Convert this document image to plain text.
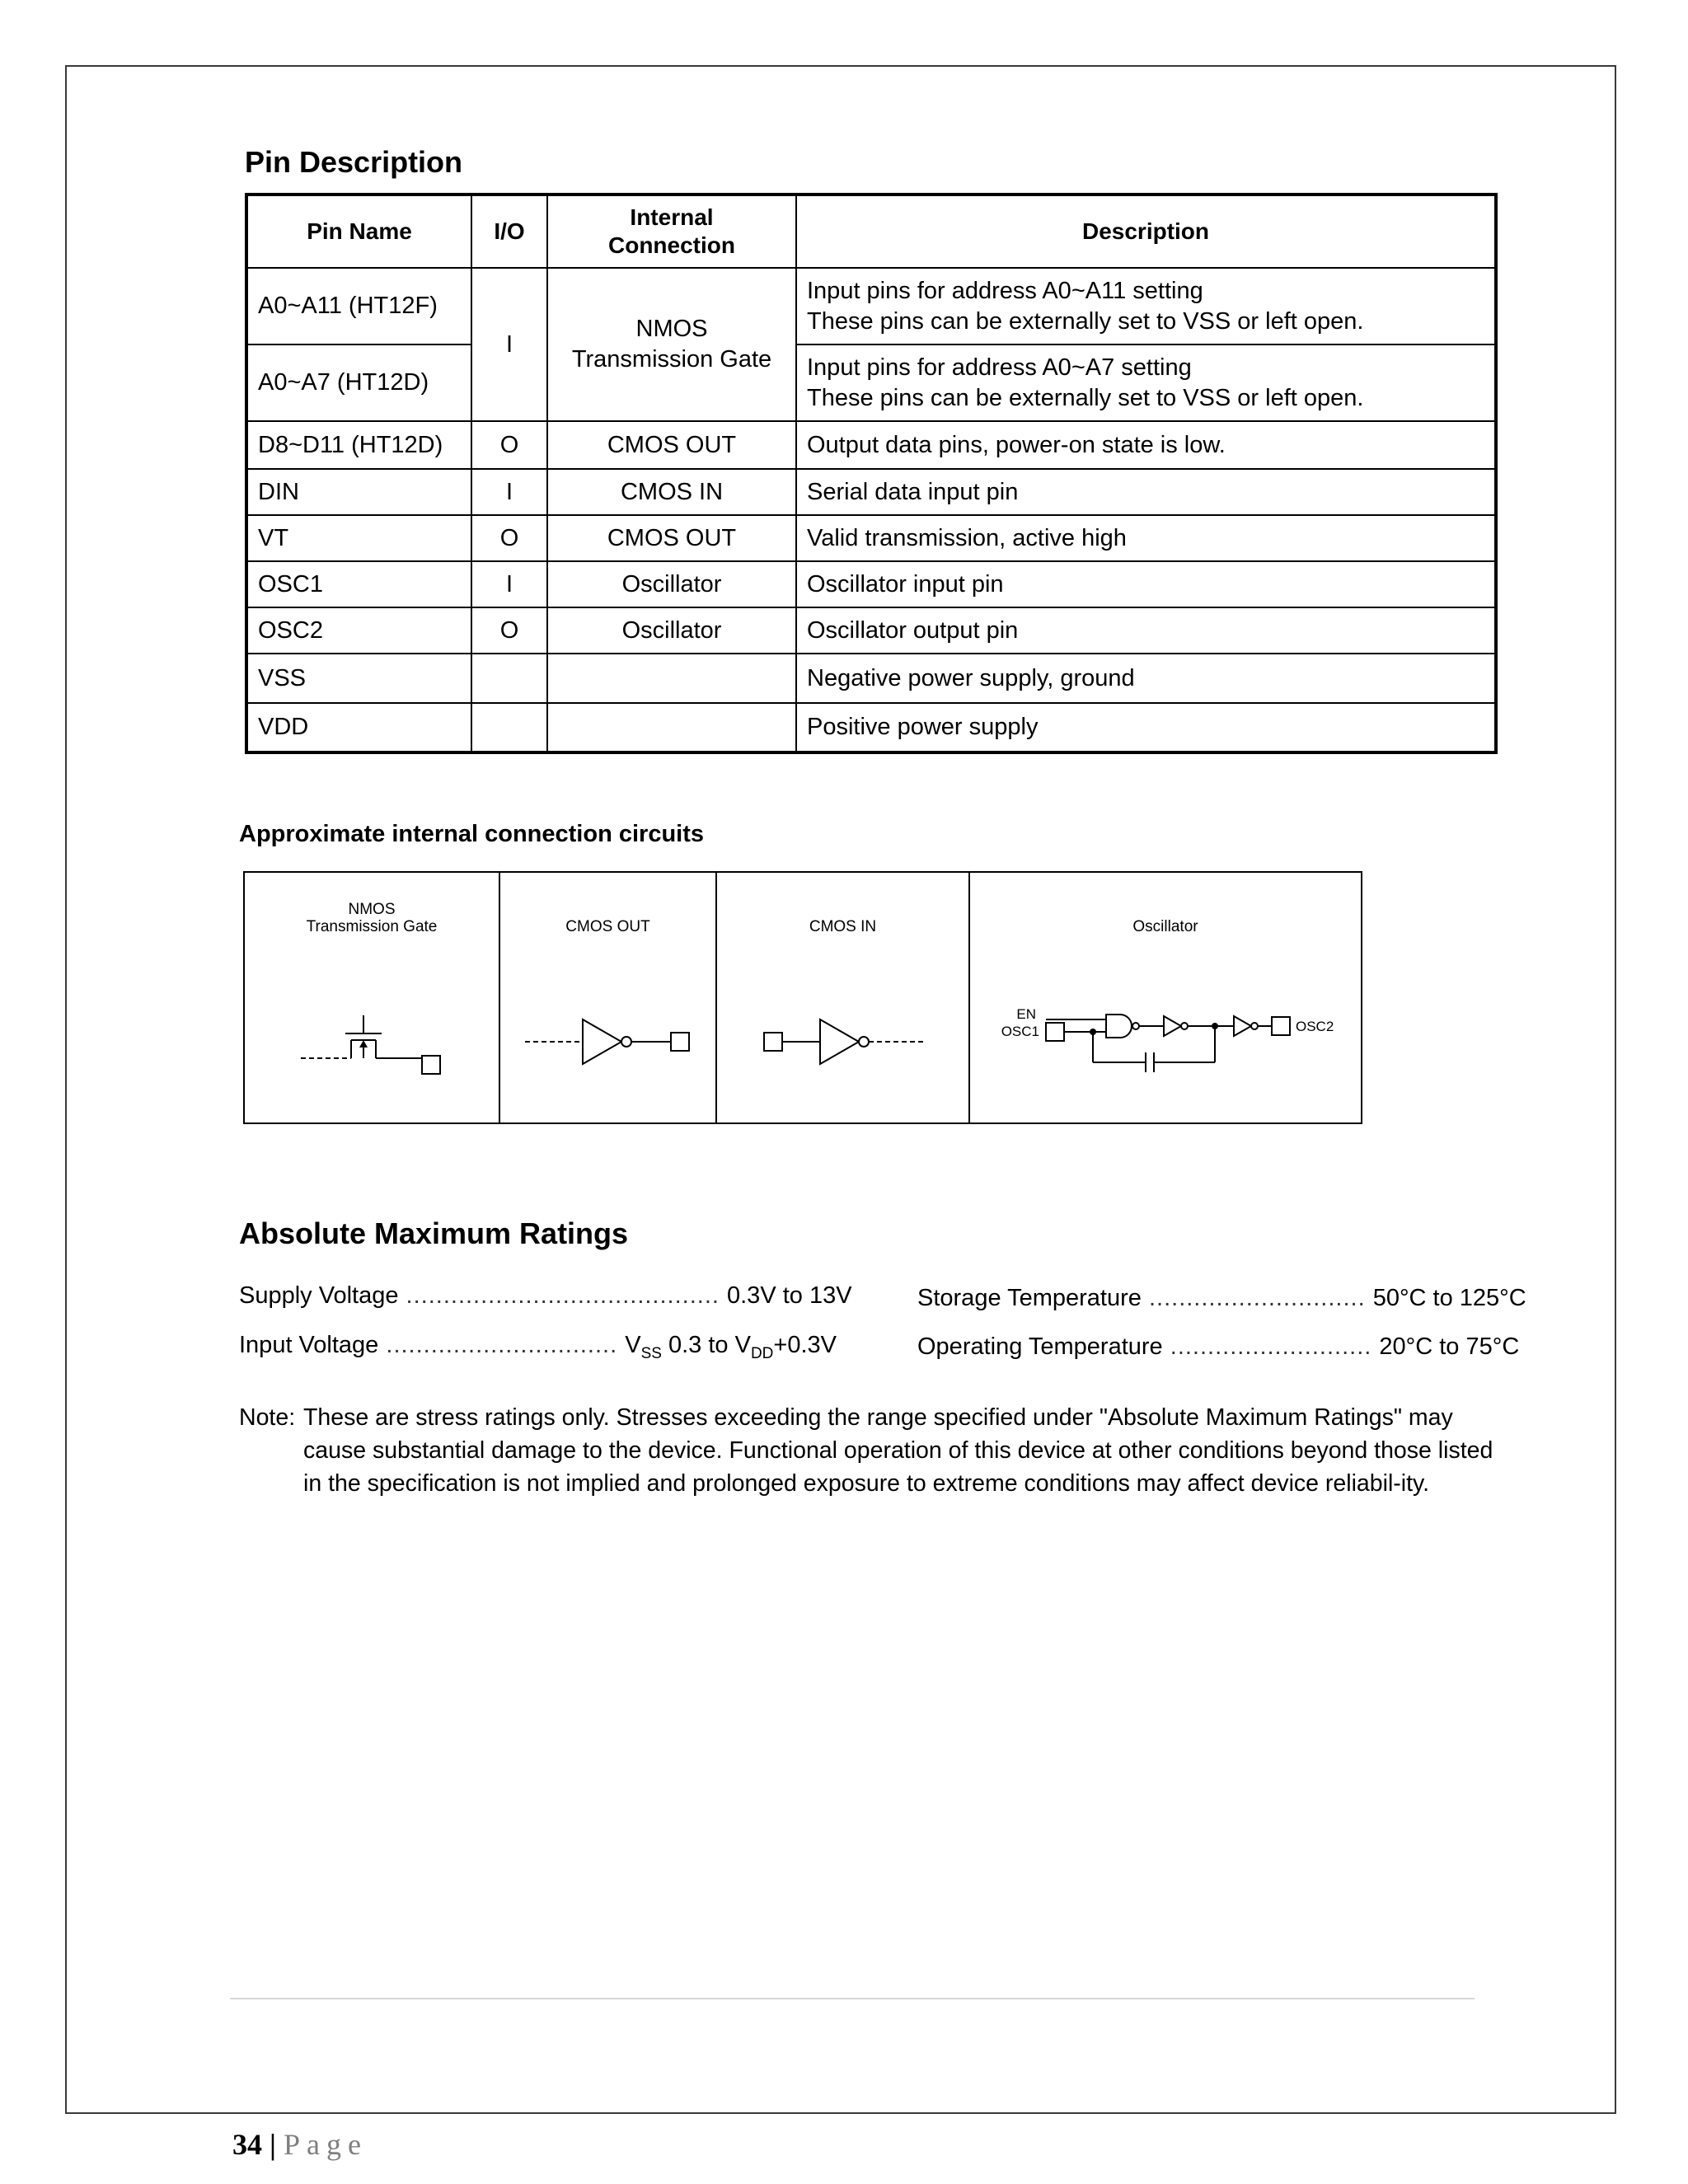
Pin Description
Pin Name	I/O	Internal Connection	Description
A0~A11 (HT12F)	I	NMOS Transmission Gate	Input pins for address A0~A11 setting
These pins can be externally set to VSS or left open.

A0~A7 (HT12D)			Input pins for address A0~A7 setting
These pins can be externally set to VSS or left open.

D8~D11 (HT12D)	O	CMOS OUT	Output data pins, power-on state is low.
DIN	I	CMOS IN	Serial data input pin
VT	O	CMOS OUT	Valid transmission, active high
OSC1	I	Oscillator	Oscillator input pin
OSC2	O	Oscillator	Oscillator output pin
VSS			Negative power supply, ground
VDD			Positive power supply
Approximate internal connection circuits
NMOS
Transmission Gate	CMOS OUT	CMOS IN	Oscillator
EN
OSC1	OSC2
Absolute Maximum Ratings
Supply Voltage .......................................... 0.3V to 13V
Input Voltage ............................... $V_{SS}$ 0.3 to $V_{DD}+0.3V$
Storage Temperature ............................. 50°C to 125°C
Operating Temperature ........................... 20°C to 75°C
Note: These are stress ratings only. Stresses exceeding the range specified under "Absolute Maximum Ratings" may cause substantial damage to the device. Functional operation of this device at other conditions beyond those listed in the specification is not implied and prolonged exposure to extreme conditions may affect device reliabil-ity.
34 | Page
